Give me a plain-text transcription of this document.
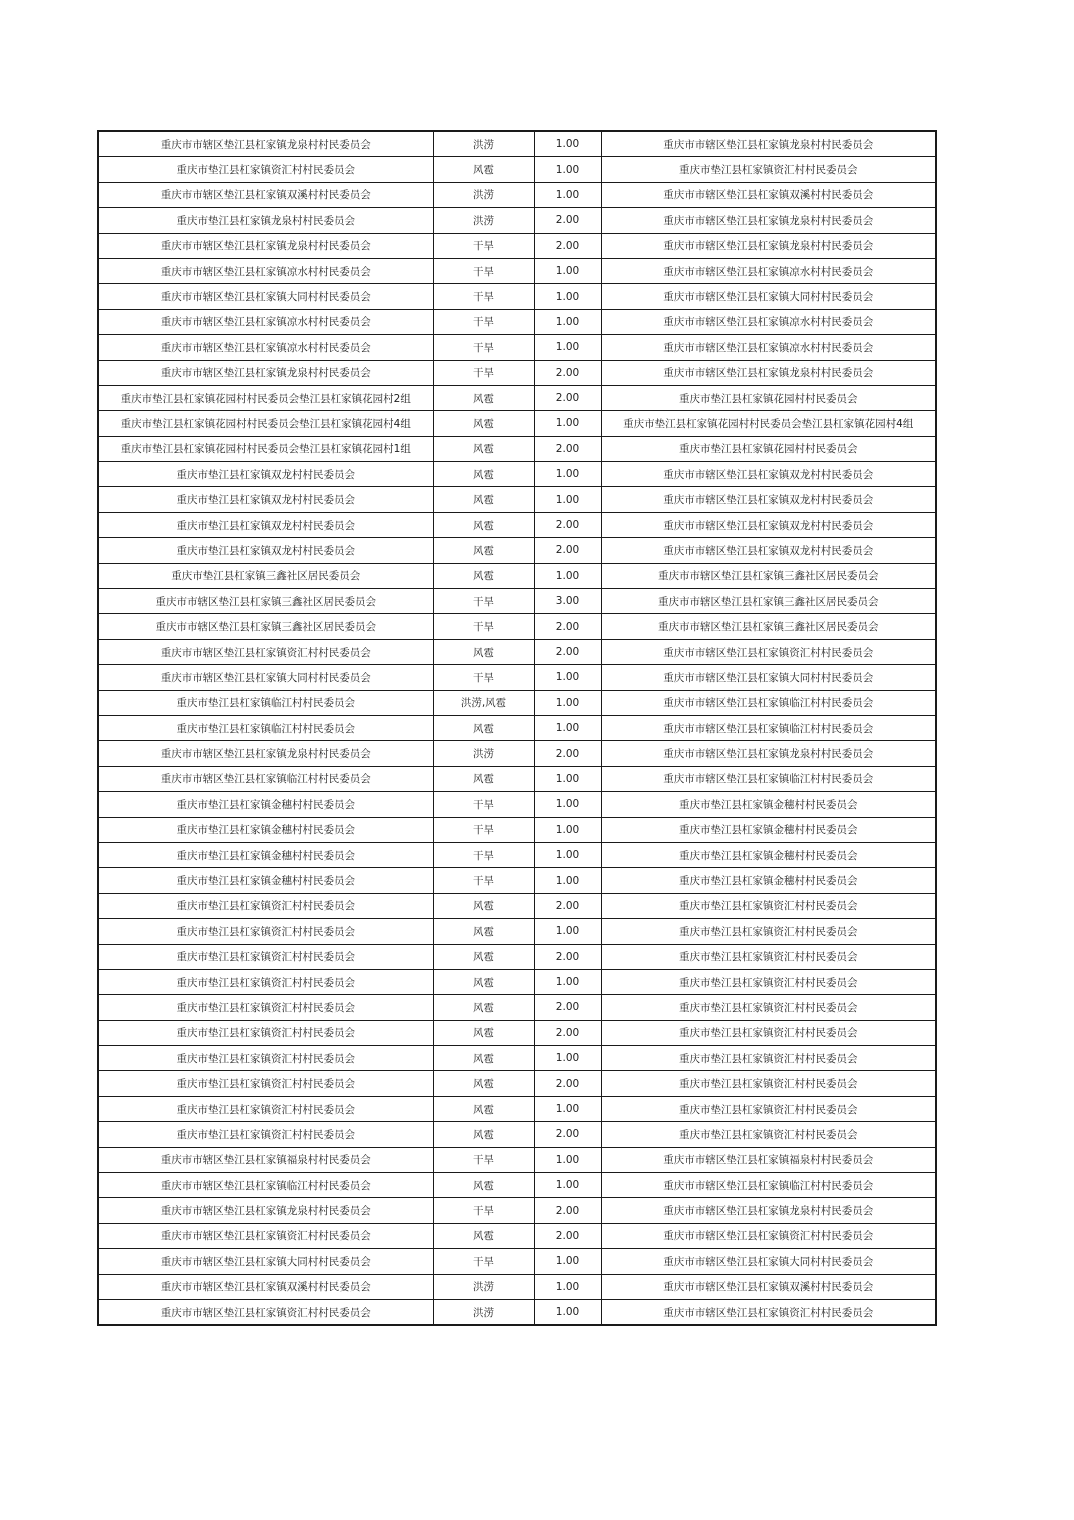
重庆市市辖区垫江县杠家镇龙泉村村民委员会	洪涝	1.00	重庆市市辖区垫江县杠家镇龙泉村村民委员会
重庆市垫江县杠家镇资汇村村民委员会	风雹	1.00	重庆市垫江县杠家镇资汇村村民委员会
重庆市市辖区垫江县杠家镇双溪村村民委员会	洪涝	1.00	重庆市市辖区垫江县杠家镇双溪村村民委员会
重庆市垫江县杠家镇龙泉村村民委员会	洪涝	2.00	重庆市市辖区垫江县杠家镇龙泉村村民委员会
重庆市市辖区垫江县杠家镇龙泉村村民委员会	干旱	2.00	重庆市市辖区垫江县杠家镇龙泉村村民委员会
重庆市市辖区垫江县杠家镇凉水村村民委员会	干旱	1.00	重庆市市辖区垫江县杠家镇凉水村村民委员会
重庆市市辖区垫江县杠家镇大同村村民委员会	干旱	1.00	重庆市市辖区垫江县杠家镇大同村村民委员会
重庆市市辖区垫江县杠家镇凉水村村民委员会	干旱	1.00	重庆市市辖区垫江县杠家镇凉水村村民委员会
重庆市市辖区垫江县杠家镇凉水村村民委员会	干旱	1.00	重庆市市辖区垫江县杠家镇凉水村村民委员会
重庆市市辖区垫江县杠家镇龙泉村村民委员会	干旱	2.00	重庆市市辖区垫江县杠家镇龙泉村村民委员会
重庆市垫江县杠家镇花园村村民委员会垫江县杠家镇花园村2组	风雹	2.00	重庆市垫江县杠家镇花园村村民委员会
重庆市垫江县杠家镇花园村村民委员会垫江县杠家镇花园村4组	风雹	1.00	重庆市垫江县杠家镇花园村村民委员会垫江县杠家镇花园村4组
重庆市垫江县杠家镇花园村村民委员会垫江县杠家镇花园村1组	风雹	2.00	重庆市垫江县杠家镇花园村村民委员会
重庆市垫江县杠家镇双龙村村民委员会	风雹	1.00	重庆市市辖区垫江县杠家镇双龙村村民委员会
重庆市垫江县杠家镇双龙村村民委员会	风雹	1.00	重庆市市辖区垫江县杠家镇双龙村村民委员会
重庆市垫江县杠家镇双龙村村民委员会	风雹	2.00	重庆市市辖区垫江县杠家镇双龙村村民委员会
重庆市垫江县杠家镇双龙村村民委员会	风雹	2.00	重庆市市辖区垫江县杠家镇双龙村村民委员会
重庆市垫江县杠家镇三鑫社区居民委员会	风雹	1.00	重庆市市辖区垫江县杠家镇三鑫社区居民委员会
重庆市市辖区垫江县杠家镇三鑫社区居民委员会	干旱	3.00	重庆市市辖区垫江县杠家镇三鑫社区居民委员会
重庆市市辖区垫江县杠家镇三鑫社区居民委员会	干旱	2.00	重庆市市辖区垫江县杠家镇三鑫社区居民委员会
重庆市市辖区垫江县杠家镇资汇村村民委员会	风雹	2.00	重庆市市辖区垫江县杠家镇资汇村村民委员会
重庆市市辖区垫江县杠家镇大同村村民委员会	干旱	1.00	重庆市市辖区垫江县杠家镇大同村村民委员会
重庆市垫江县杠家镇临江村村民委员会	洪涝,风雹	1.00	重庆市市辖区垫江县杠家镇临江村村民委员会
重庆市垫江县杠家镇临江村村民委员会	风雹	1.00	重庆市市辖区垫江县杠家镇临江村村民委员会
重庆市市辖区垫江县杠家镇龙泉村村民委员会	洪涝	2.00	重庆市市辖区垫江县杠家镇龙泉村村民委员会
重庆市市辖区垫江县杠家镇临江村村民委员会	风雹	1.00	重庆市市辖区垫江县杠家镇临江村村民委员会
重庆市垫江县杠家镇金穗村村民委员会	干旱	1.00	重庆市垫江县杠家镇金穗村村民委员会
重庆市垫江县杠家镇金穗村村民委员会	干旱	1.00	重庆市垫江县杠家镇金穗村村民委员会
重庆市垫江县杠家镇金穗村村民委员会	干旱	1.00	重庆市垫江县杠家镇金穗村村民委员会
重庆市垫江县杠家镇金穗村村民委员会	干旱	1.00	重庆市垫江县杠家镇金穗村村民委员会
重庆市垫江县杠家镇资汇村村民委员会	风雹	2.00	重庆市垫江县杠家镇资汇村村民委员会
重庆市垫江县杠家镇资汇村村民委员会	风雹	1.00	重庆市垫江县杠家镇资汇村村民委员会
重庆市垫江县杠家镇资汇村村民委员会	风雹	2.00	重庆市垫江县杠家镇资汇村村民委员会
重庆市垫江县杠家镇资汇村村民委员会	风雹	1.00	重庆市垫江县杠家镇资汇村村民委员会
重庆市垫江县杠家镇资汇村村民委员会	风雹	2.00	重庆市垫江县杠家镇资汇村村民委员会
重庆市垫江县杠家镇资汇村村民委员会	风雹	2.00	重庆市垫江县杠家镇资汇村村民委员会
重庆市垫江县杠家镇资汇村村民委员会	风雹	1.00	重庆市垫江县杠家镇资汇村村民委员会
重庆市垫江县杠家镇资汇村村民委员会	风雹	2.00	重庆市垫江县杠家镇资汇村村民委员会
重庆市垫江县杠家镇资汇村村民委员会	风雹	1.00	重庆市垫江县杠家镇资汇村村民委员会
重庆市垫江县杠家镇资汇村村民委员会	风雹	2.00	重庆市垫江县杠家镇资汇村村民委员会
重庆市市辖区垫江县杠家镇福泉村村民委员会	干旱	1.00	重庆市市辖区垫江县杠家镇福泉村村民委员会
重庆市市辖区垫江县杠家镇临江村村民委员会	风雹	1.00	重庆市市辖区垫江县杠家镇临江村村民委员会
重庆市市辖区垫江县杠家镇龙泉村村民委员会	干旱	2.00	重庆市市辖区垫江县杠家镇龙泉村村民委员会
重庆市市辖区垫江县杠家镇资汇村村民委员会	风雹	2.00	重庆市市辖区垫江县杠家镇资汇村村民委员会
重庆市市辖区垫江县杠家镇大同村村民委员会	干旱	1.00	重庆市市辖区垫江县杠家镇大同村村民委员会
重庆市市辖区垫江县杠家镇双溪村村民委员会	洪涝	1.00	重庆市市辖区垫江县杠家镇双溪村村民委员会
重庆市市辖区垫江县杠家镇资汇村村民委员会	洪涝	1.00	重庆市市辖区垫江县杠家镇资汇村村民委员会
